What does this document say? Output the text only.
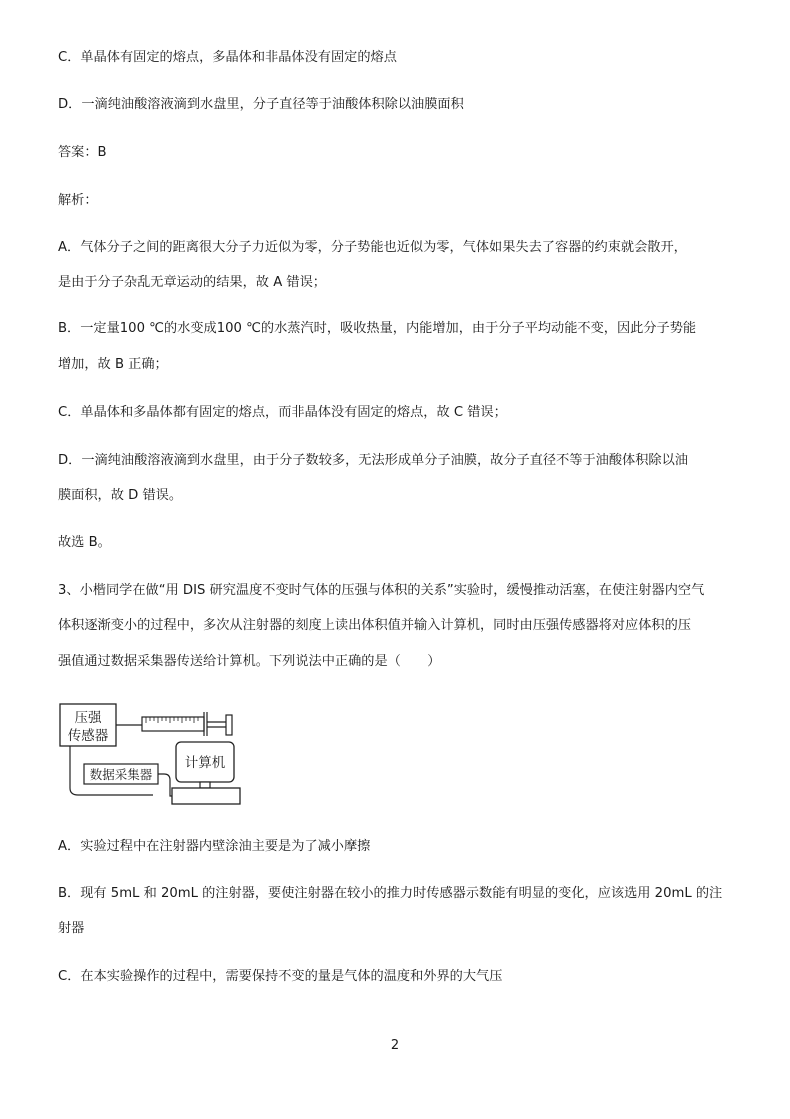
C．单晶体有固定的熔点，多晶体和非晶体没有固定的熔点

D．一滴纯油酸溶液滴到水盘里，分子直径等于油酸体积除以油膜面积

答案：B

解析：

A．气体分子之间的距离很大分子力近似为零，分子势能也近似为零，气体如果失去了容器的约束就会散开，

是由于分子杂乱无章运动的结果，故 A 错误；

B．一定量100 ℃的水变成100 ℃的水蒸汽时，吸收热量，内能增加，由于分子平均动能不变，因此分子势能

增加，故 B 正确；

C．单晶体和多晶体都有固定的熔点，而非晶体没有固定的熔点，故 C 错误；

D．一滴纯油酸溶液滴到水盘里，由于分子数较多，无法形成单分子油膜，故分子直径不等于油酸体积除以油

膜面积，故 D 错误。

故选 B。

3、小楷同学在做“用 DIS 研究温度不变时气体的压强与体积的关系”实验时，缓慢推动活塞，在使注射器内空气

体积逐渐变小的过程中，多次从注射器的刻度上读出体积值并输入计算机，同时由压强传感器将对应体积的压

强值通过数据采集器传送给计算机。下列说法中正确的是（　　）

压强
传感器
计算机
数据采集器

A．实验过程中在注射器内壁涂油主要是为了减小摩擦

B．现有 5mL 和 20mL 的注射器，要使注射器在较小的推力时传感器示数能有明显的变化，应该选用 20mL 的注

射器

C．在本实验操作的过程中，需要保持不变的量是气体的温度和外界的大气压

2
